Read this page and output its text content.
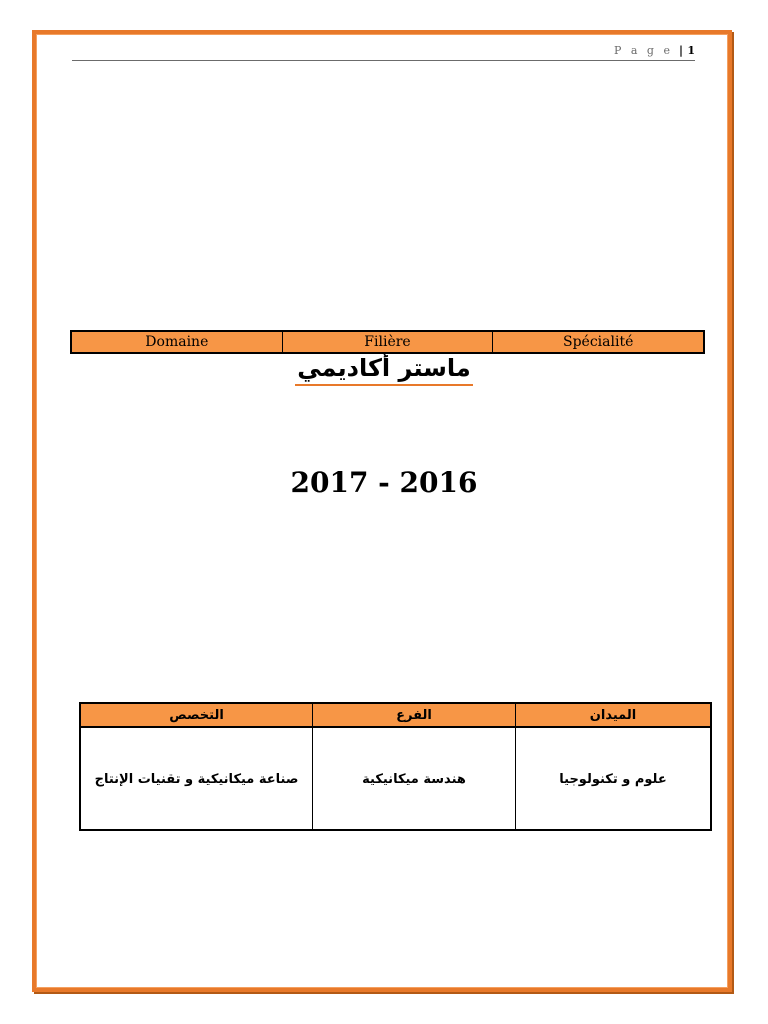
P a g e | 1
Domaine	Filière	Spécialité
ماستر أكاديمي
2017 - 2016
الميدان
الفرع
التخصص
علوم و تكنولوجيا
هندسة ميكانيكية
صناعة ميكانيكية و تقنيات الإنتاج
